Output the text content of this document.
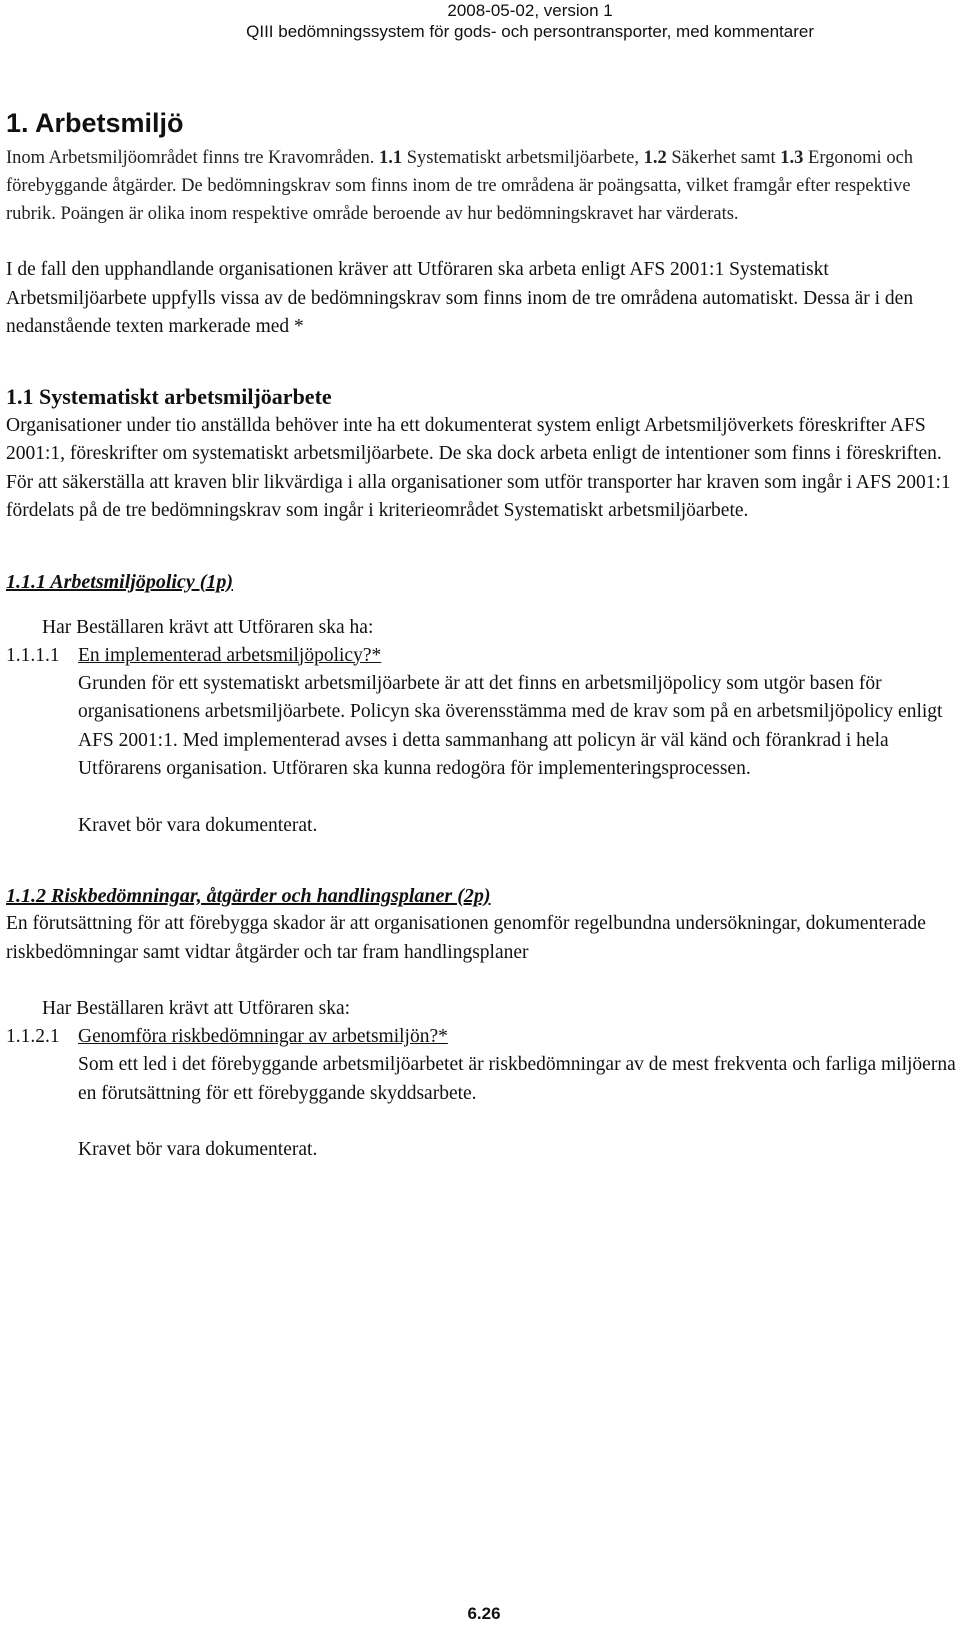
2008-05-02, version 1
QIII bedömningssystem för gods- och persontransporter, med kommentarer
1. Arbetsmiljö

Inom Arbetsmiljöområdet finns tre Kravområden. 1.1 Systematiskt arbetsmiljöarbete, 1.2 Säkerhet samt 1.3 Ergonomi och förebyggande åtgärder. De bedömningskrav som finns inom de tre områdena är poängsatta, vilket framgår efter respektive rubrik. Poängen är olika inom respektive område beroende av hur bedömningskravet har värderats.

I de fall den upphandlande organisationen kräver att Utföraren ska arbeta enligt AFS 2001:1 Systematiskt Arbetsmiljöarbete uppfylls vissa av de bedömningskrav som finns inom de tre områdena automatiskt. Dessa är i den nedanstående texten markerade med *

1.1 Systematiskt arbetsmiljöarbete

Organisationer under tio anställda behöver inte ha ett dokumenterat system enligt Arbetsmiljöverkets föreskrifter AFS 2001:1, föreskrifter om systematiskt arbetsmiljöarbete. De ska dock arbeta enligt de intentioner som finns i föreskriften. För att säkerställa att kraven blir likvärdiga i alla organisationer som utför transporter har kraven som ingår i AFS 2001:1 fördelats på de tre bedömningskrav som ingår i kriterieområdet Systematiskt arbetsmiljöarbete.

1.1.1 Arbetsmiljöpolicy (1p)
Har Beställaren krävt att Utföraren ska ha:
1.1.1.1 En implementerad arbetsmiljöpolicy?*

Grunden för ett systematiskt arbetsmiljöarbete är att det finns en arbetsmiljöpolicy som utgör basen för organisationens arbetsmiljöarbete. Policyn ska överensstämma med de krav som på en arbetsmiljöpolicy enligt AFS 2001:1. Med implementerad avses i detta sammanhang att policyn är väl känd och förankrad i hela Utförarens organisation. Utföraren ska kunna redogöra för implementeringsprocessen.

Kravet bör vara dokumenterat.

1.1.2 Riskbedömningar, åtgärder och handlingsplaner (2p)

En förutsättning för att förebygga skador är att organisationen genomför regelbundna undersökningar, dokumenterade riskbedömningar samt vidtar åtgärder och tar fram handlingsplaner

Har Beställaren krävt att Utföraren ska:
1.1.2.1 Genomföra riskbedömningar av arbetsmiljön?*

Som ett led i det förebyggande arbetsmiljöarbetet är riskbedömningar av de mest frekventa och farliga miljöerna en förutsättning för ett förebyggande skyddsarbete.

Kravet bör vara dokumenterat.

6.26
